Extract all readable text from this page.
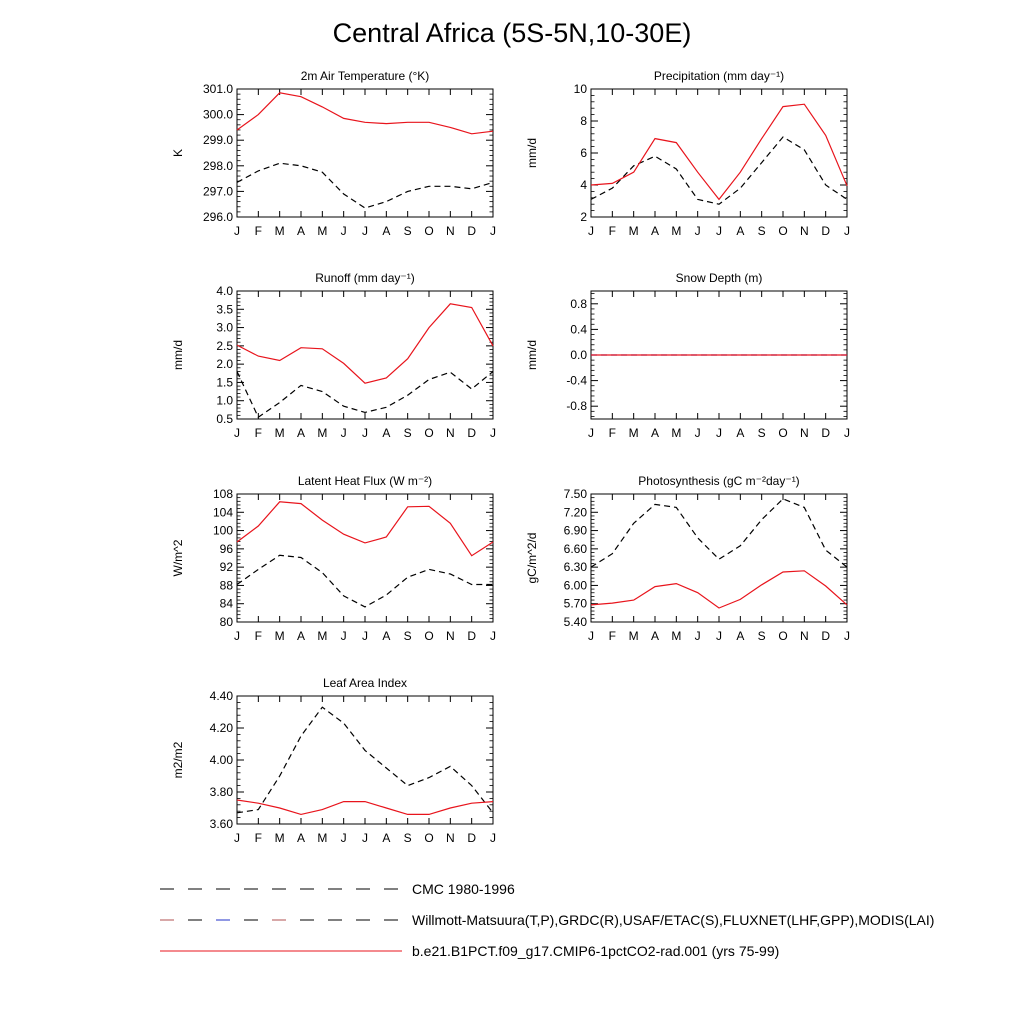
Central Africa (5S-5N,10-30E)
J F M A M J J A S O N D J
296.0
297.0
298.0
299.0
300.0
301.0
2m Air Temperature (°K)
K
J F M A M J J A S O N D J
2
4
6
8
10
Precipitation (mm day⁻¹)
mm/d
J F M A M J J A S O N D J
0.5
1.0
1.5
2.0
2.5
3.0
3.5
4.0
Runoff (mm day⁻¹)
mm/d
J F M A M J J A S O N D J
-0.8
-0.4
0.0
0.4
0.8
Snow Depth (m)
mm/d
J F M A M J J A S O N D J
80
84
88
92
96
100
104
108
Latent Heat Flux (W m⁻²)
W/m^2
J F M A M J J A S O N D J
5.40
5.70
6.00
6.30
6.60
6.90
7.20
7.50
Photosynthesis (gC m⁻²day⁻¹)
gC/m^2/d
J F M A M J J A S O N D J
3.60
3.80
4.00
4.20
4.40
Leaf Area Index
m2/m2
CMC 1980-1996
Willmott-Matsuura(T,P),GRDC(R),USAF/ETAC(S),FLUXNET(LHF,GPP),MODIS(LAI)
b.e21.B1PCT.f09_g17.CMIP6-1pctCO2-rad.001 (yrs 75-99)
